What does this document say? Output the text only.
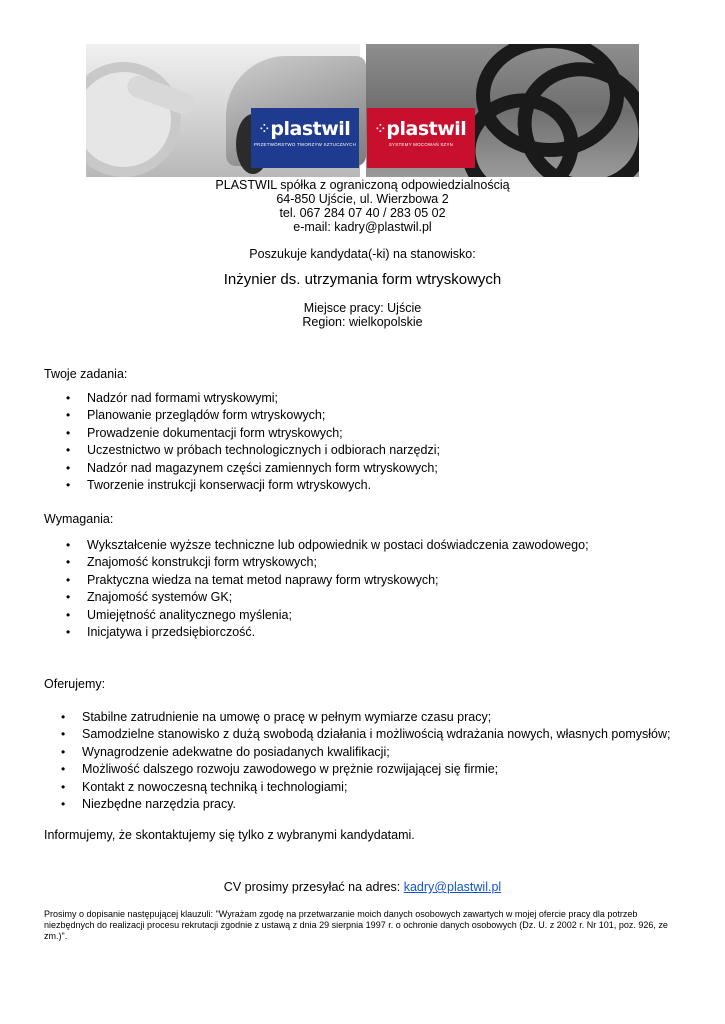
⁘ plastwil
PRZETWÓRSTWO TWORZYW SZTUCZNYCH
⁘ plastwil
SYSTEMY MOCOWAŃ SZYN
PLASTWIL spółka z ograniczoną odpowiedzialnością
64-850 Ujście, ul. Wierzbowa 2
tel. 067 284 07 40 / 283 05 02
e-mail: kadry@plastwil.pl
Poszukuje kandydata(-ki) na stanowisko:
Inżynier ds. utrzymania form wtryskowych
Miejsce pracy: Ujście
Region: wielkopolskie
Twoje zadania:
• Nadzór nad formami wtryskowymi;
• Planowanie przeglądów form wtryskowych;
• Prowadzenie dokumentacji form wtryskowych;
• Uczestnictwo w próbach technologicznych i odbiorach narzędzi;
• Nadzór nad magazynem części zamiennych form wtryskowych;
• Tworzenie instrukcji konserwacji form wtryskowych.
Wymagania:
• Wykształcenie wyższe techniczne lub odpowiednik w postaci doświadczenia zawodowego;
• Znajomość konstrukcji form wtryskowych;
• Praktyczna wiedza na temat metod naprawy form wtryskowych;
• Znajomość systemów GK;
• Umiejętność analitycznego myślenia;
• Inicjatywa i przedsiębiorczość.
Oferujemy:
• Stabilne zatrudnienie na umowę o pracę w pełnym wymiarze czasu pracy;
• Samodzielne stanowisko z dużą swobodą działania i możliwością wdrażania nowych, własnych pomysłów;
• Wynagrodzenie adekwatne do posiadanych kwalifikacji;
• Możliwość dalszego rozwoju zawodowego w prężnie rozwijającej się firmie;
• Kontakt z nowoczesną techniką i technologiami;
• Niezbędne narzędzia pracy.
Informujemy, że skontaktujemy się tylko z wybranymi kandydatami.
CV prosimy przesyłać na adres: kadry@plastwil.pl
Prosimy o dopisanie następującej klauzuli: "Wyrażam zgodę na przetwarzanie moich danych osobowych zawartych w mojej ofercie pracy dla potrzeb niezbędnych do realizacji procesu rekrutacji zgodnie z ustawą z dnia 29 sierpnia 1997 r. o ochronie danych osobowych (Dz. U. z 2002 r. Nr 101, poz. 926, ze zm.)".
